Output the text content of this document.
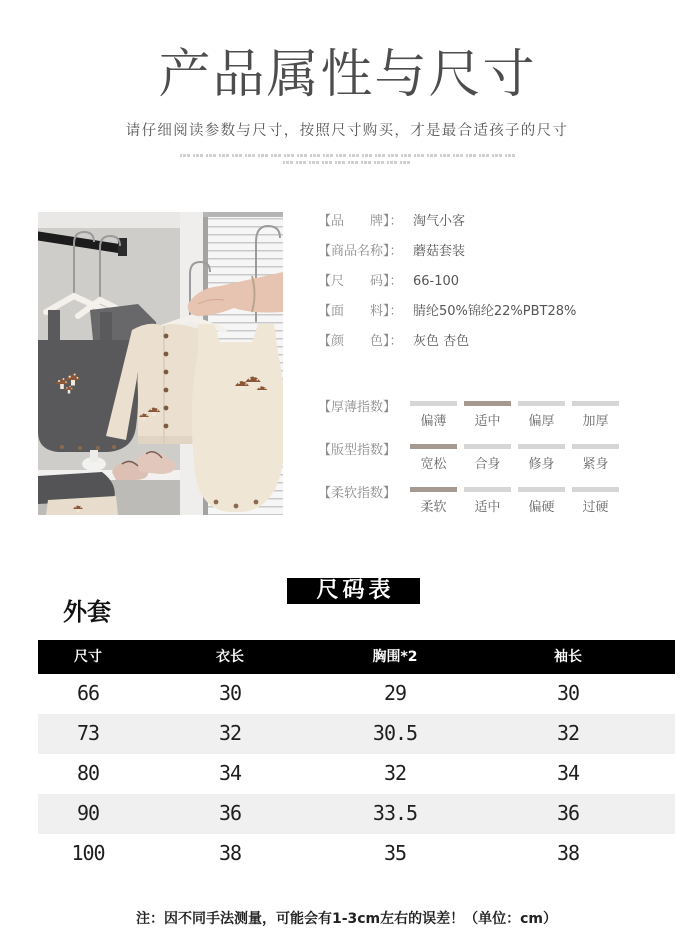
产品属性与尺寸
请仔细阅读参数与尺寸，按照尺寸购买，才是最合适孩子的尺寸
【品　　牌】： 淘气小客
【商品名称】： 蘑菇套装
【尺　　码】： 66-100
【面　　料】： 腈纶50%锦纶22%PBT28%
【颜　　色】： 灰色 杏色
【厚薄指数】
偏薄	适中	偏厚	加厚
【版型指数】
宽松	合身	修身	紧身
【柔软指数】
柔软	适中	偏硬	过硬
尺码表
外套
尺寸	衣长	胸围*2	袖长
66	30	29	30
73	32	30.5	32
80	34	32	34
90	36	33.5	36
100	38	35	38
注：因不同手法测量，可能会有1-3cm左右的误差！（单位：cm）
